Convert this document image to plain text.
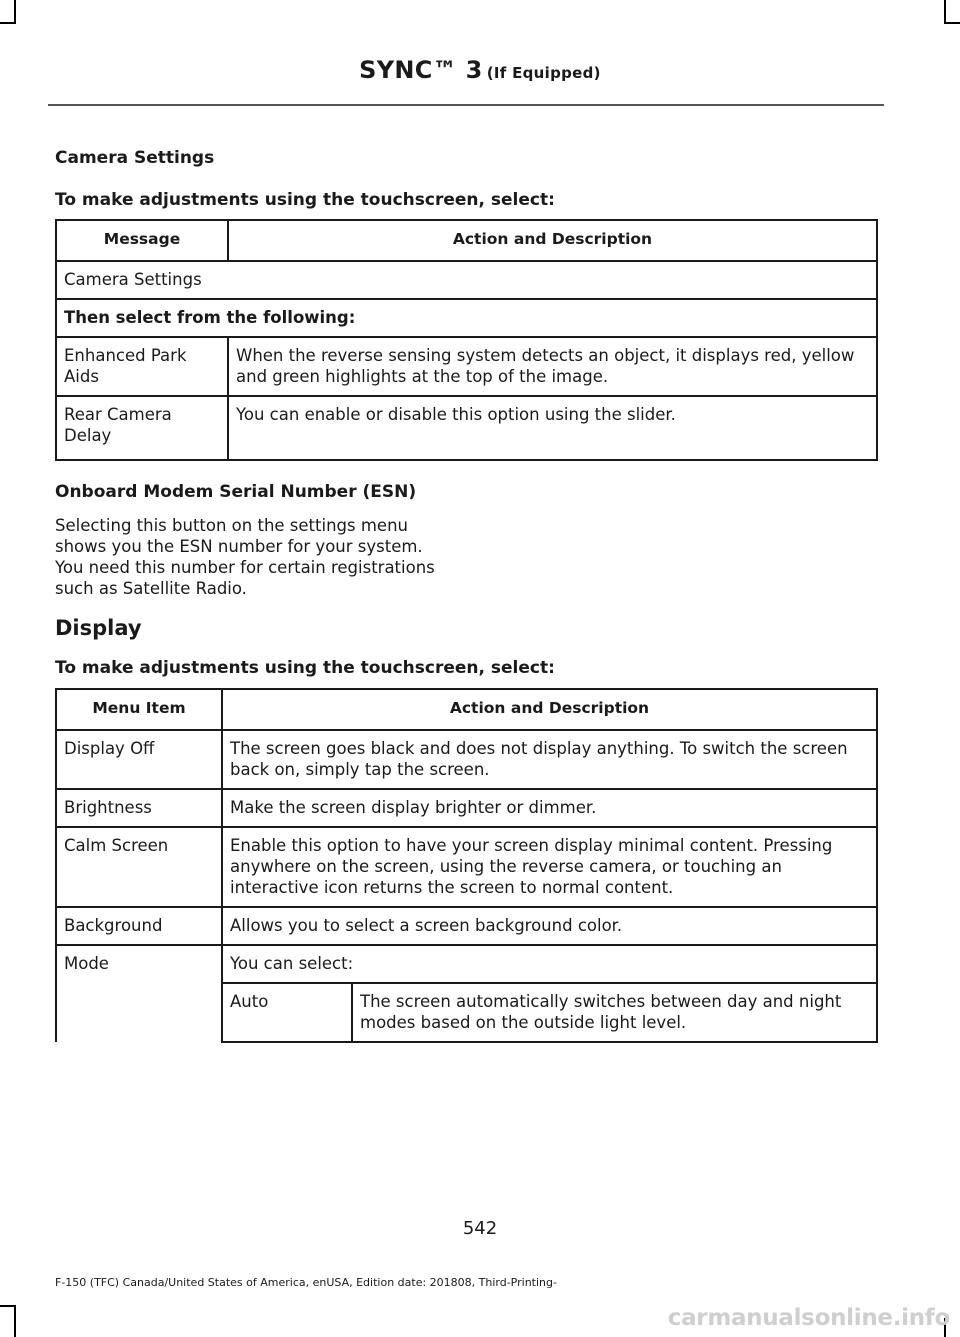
SYNC™ 3 (If Equipped)
Camera Settings
To make adjustments using the touchscreen, select:
Message	Action and Description
Camera Settings	
Then select from the following:	
Enhanced Park Aids	When the reverse sensing system detects an object, it displays red, yellow and green highlights at the top of the image.
Rear Camera Delay	You can enable or disable this option using the slider.
Onboard Modem Serial Number (ESN)
Selecting this button on the settings menu shows you the ESN number for your system. You need this number for certain registrations such as Satellite Radio.
Display
To make adjustments using the touchscreen, select:
Menu Item	Action and Description	
Display Off	The screen goes black and does not display anything. To switch the screen back on, simply tap the screen.	
Brightness	Make the screen display brighter or dimmer.	
Calm Screen	Enable this option to have your screen display minimal content. Pressing anywhere on the screen, using the reverse camera, or touching an interactive icon returns the screen to normal content.	
Background	Allows you to select a screen background color.	
Mode	You can select:	
	Auto	The screen automatically switches between day and night modes based on the outside light level.
542
F-150 (TFC) Canada/United States of America, enUSA, Edition date: 201808, Third-Printing-
carmanualsonline.info
